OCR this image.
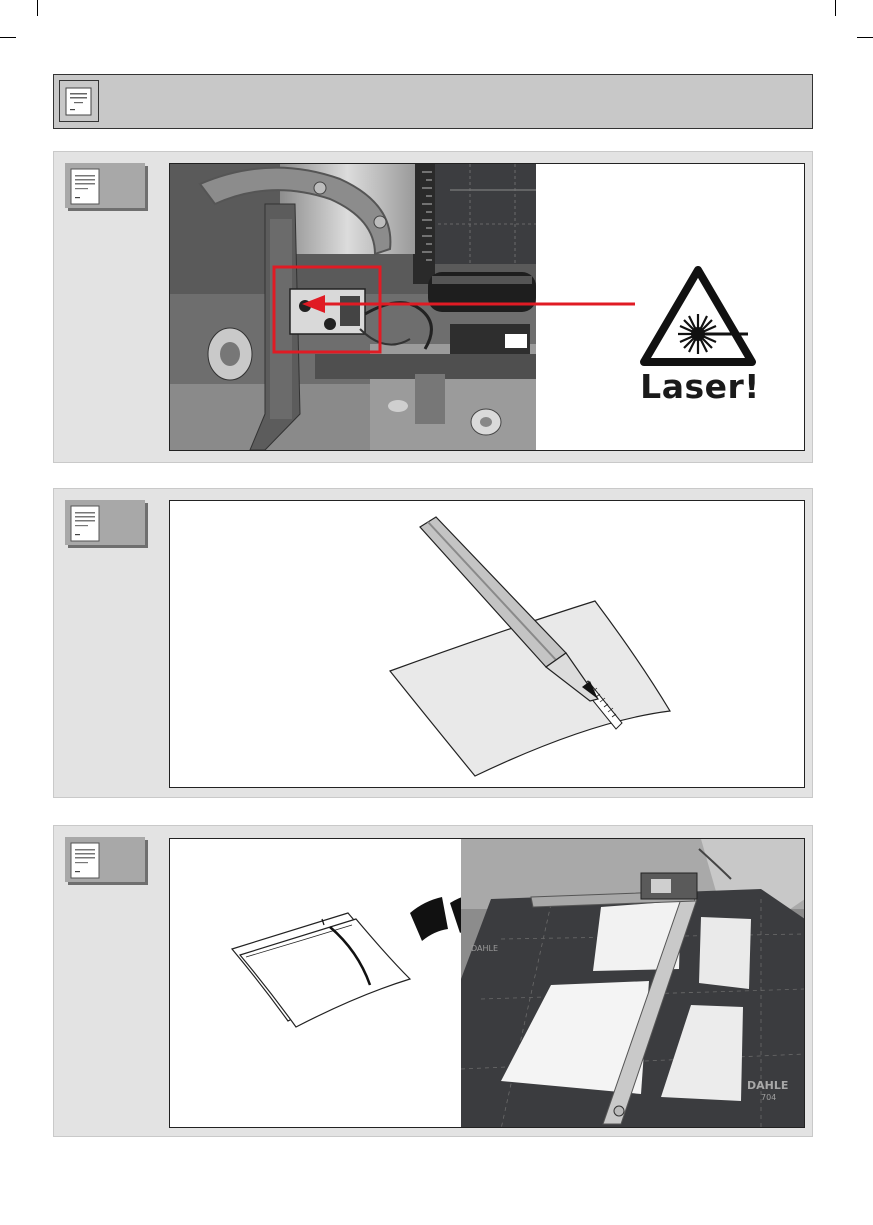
Laser!
DAHLE
DAHLE
704
